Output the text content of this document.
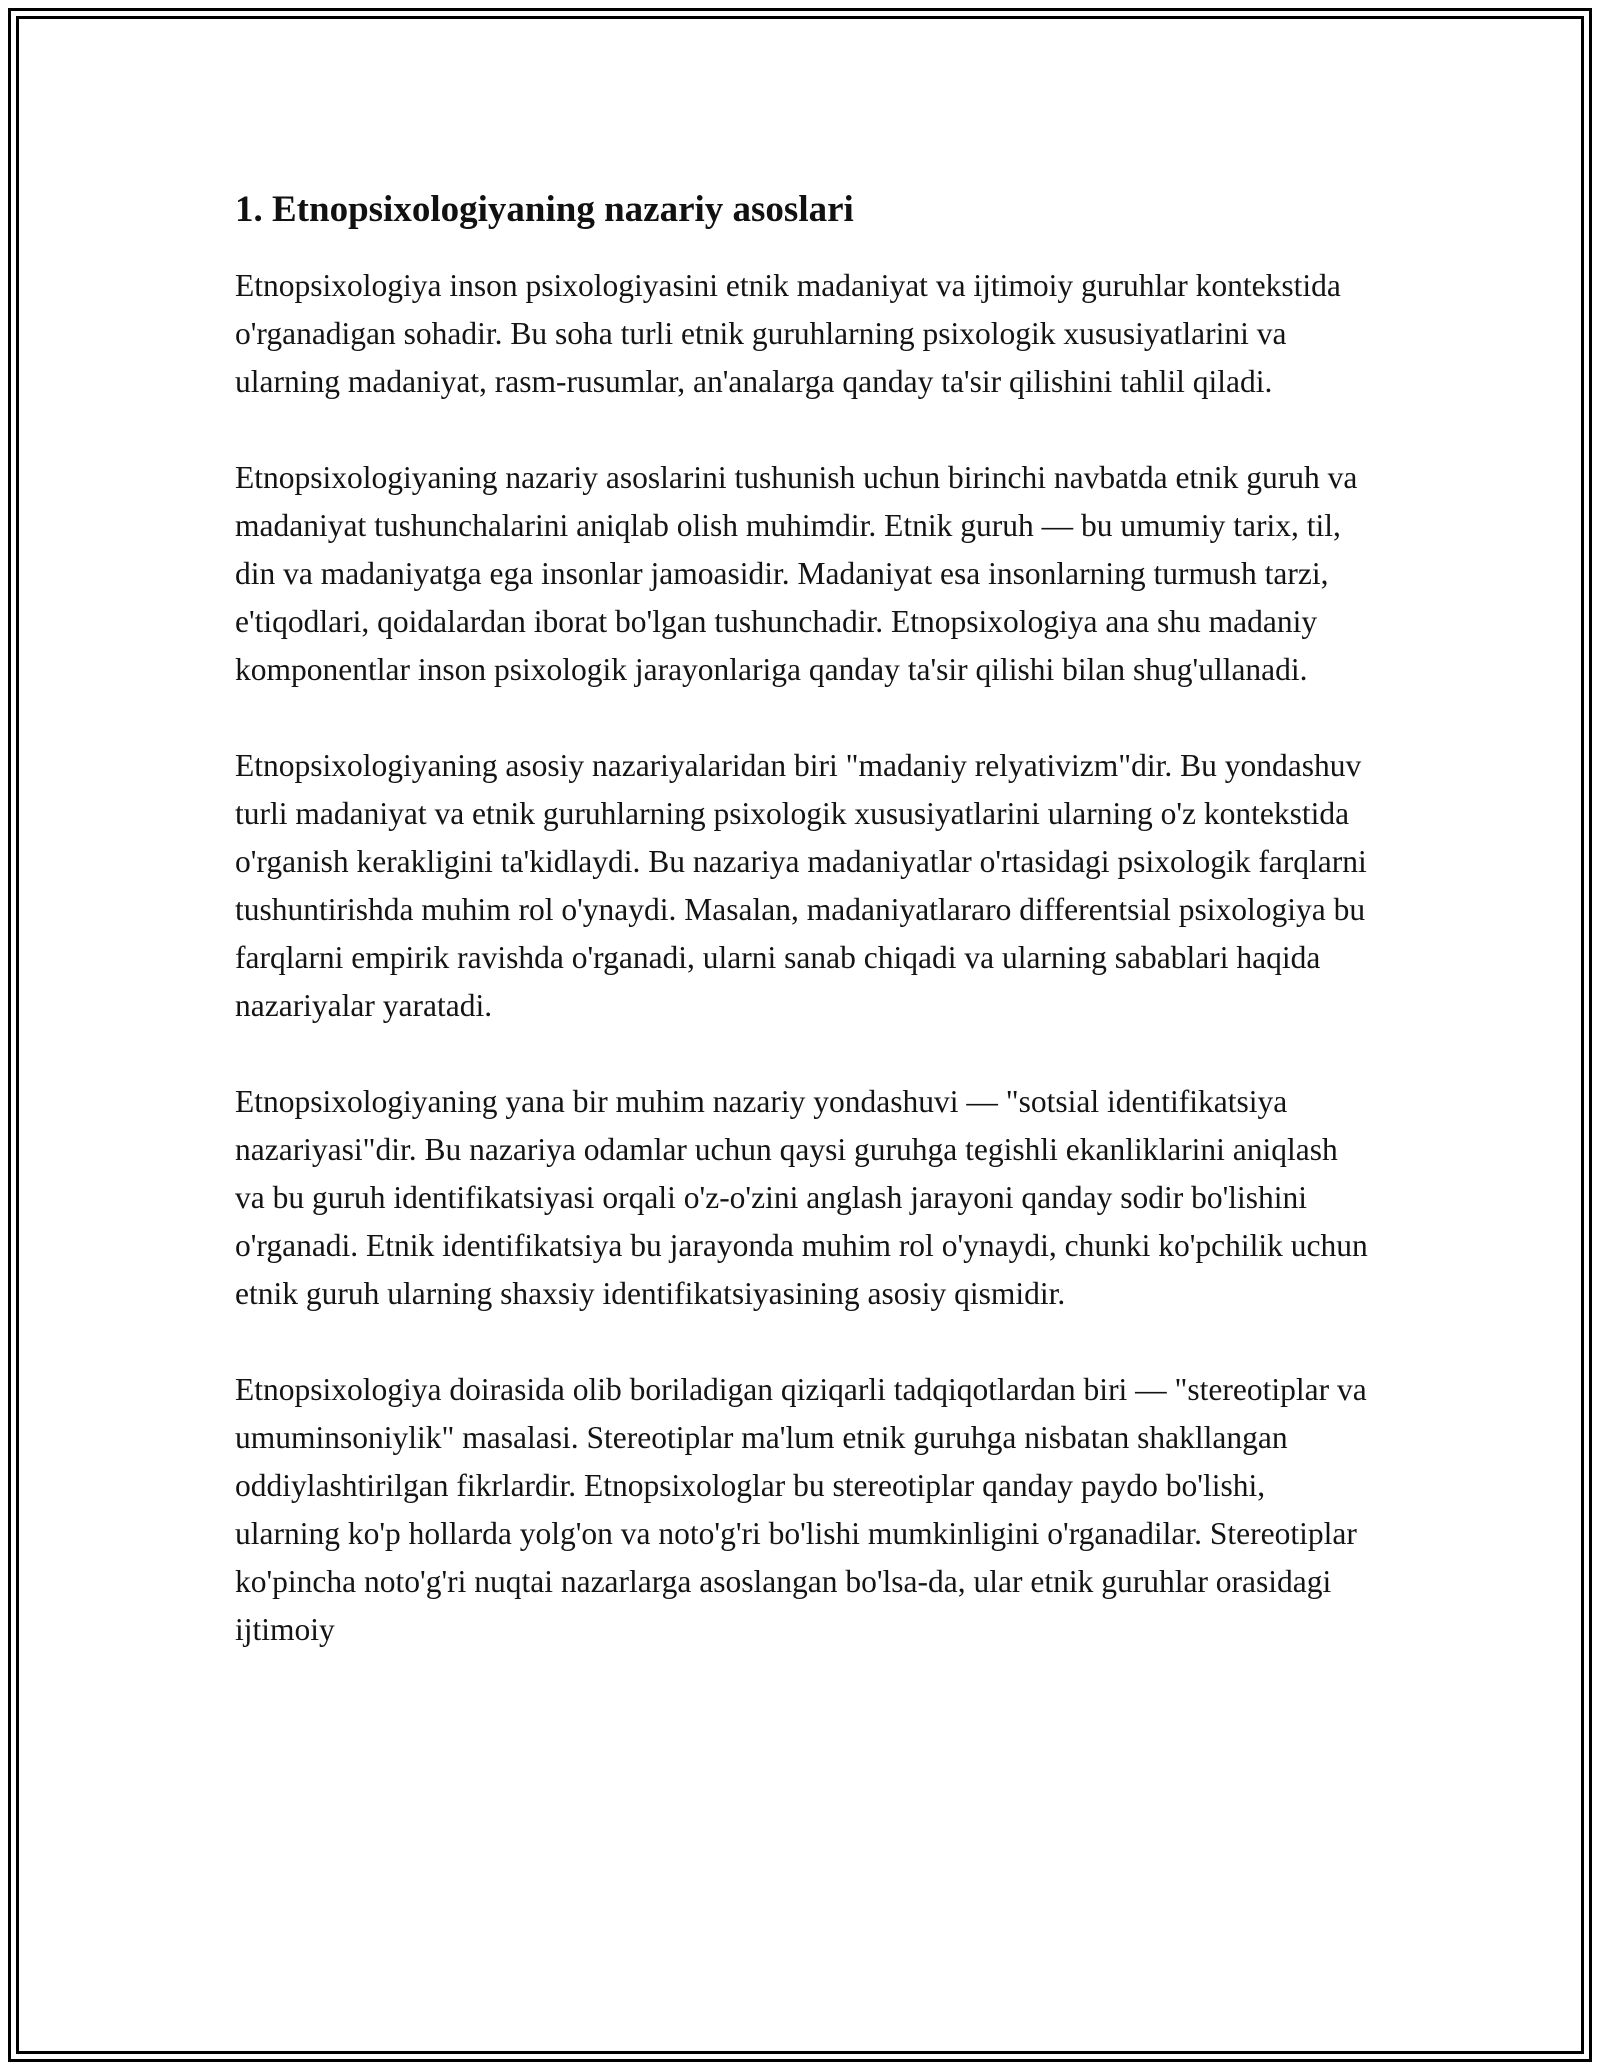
1. Etnopsixologiyaning nazariy asoslari

Etnopsixologiya inson psixologiyasini etnik madaniyat va ijtimoiy guruhlar kontekstida o'rganadigan sohadir. Bu soha turli etnik guruhlarning psixologik xususiyatlarini va ularning madaniyat, rasm-rusumlar, an'analarga qanday ta'sir qilishini tahlil qiladi.

Etnopsixologiyaning nazariy asoslarini tushunish uchun birinchi navbatda etnik guruh va madaniyat tushunchalarini aniqlab olish muhimdir. Etnik guruh — bu umumiy tarix, til, din va madaniyatga ega insonlar jamoasidir. Madaniyat esa insonlarning turmush tarzi, e'tiqodlari, qoidalardan iborat bo'lgan tushunchadir. Etnopsixologiya ana shu madaniy komponentlar inson psixologik jarayonlariga qanday ta'sir qilishi bilan shug'ullanadi.

Etnopsixologiyaning asosiy nazariyalaridan biri "madaniy relyativizm"dir. Bu yondashuv turli madaniyat va etnik guruhlarning psixologik xususiyatlarini ularning o'z kontekstida o'rganish kerakligini ta'kidlaydi. Bu nazariya madaniyatlar o'rtasidagi psixologik farqlarni tushuntirishda muhim rol o'ynaydi. Masalan, madaniyatlararo differentsial psixologiya bu farqlarni empirik ravishda o'rganadi, ularni sanab chiqadi va ularning sabablari haqida nazariyalar yaratadi.

Etnopsixologiyaning yana bir muhim nazariy yondashuvi — "sotsial identifikatsiya nazariyasi"dir. Bu nazariya odamlar uchun qaysi guruhga tegishli ekanliklarini aniqlash va bu guruh identifikatsiyasi orqali o'z-o'zini anglash jarayoni qanday sodir bo'lishini o'rganadi. Etnik identifikatsiya bu jarayonda muhim rol o'ynaydi, chunki ko'pchilik uchun etnik guruh ularning shaxsiy identifikatsiyasining asosiy qismidir.

Etnopsixologiya doirasida olib boriladigan qiziqarli tadqiqotlardan biri — "stereotiplar va umuminsoniylik" masalasi. Stereotiplar ma'lum etnik guruhga nisbatan shakllangan oddiylashtirilgan fikrlardir. Etnopsixologlar bu stereotiplar qanday paydo bo'lishi, ularning ko'p hollarda yolg'on va noto'g'ri bo'lishi mumkinligini o'rganadilar. Stereotiplar ko'pincha noto'g'ri nuqtai nazarlarga asoslangan bo'lsa-da, ular etnik guruhlar orasidagi ijtimoiy
